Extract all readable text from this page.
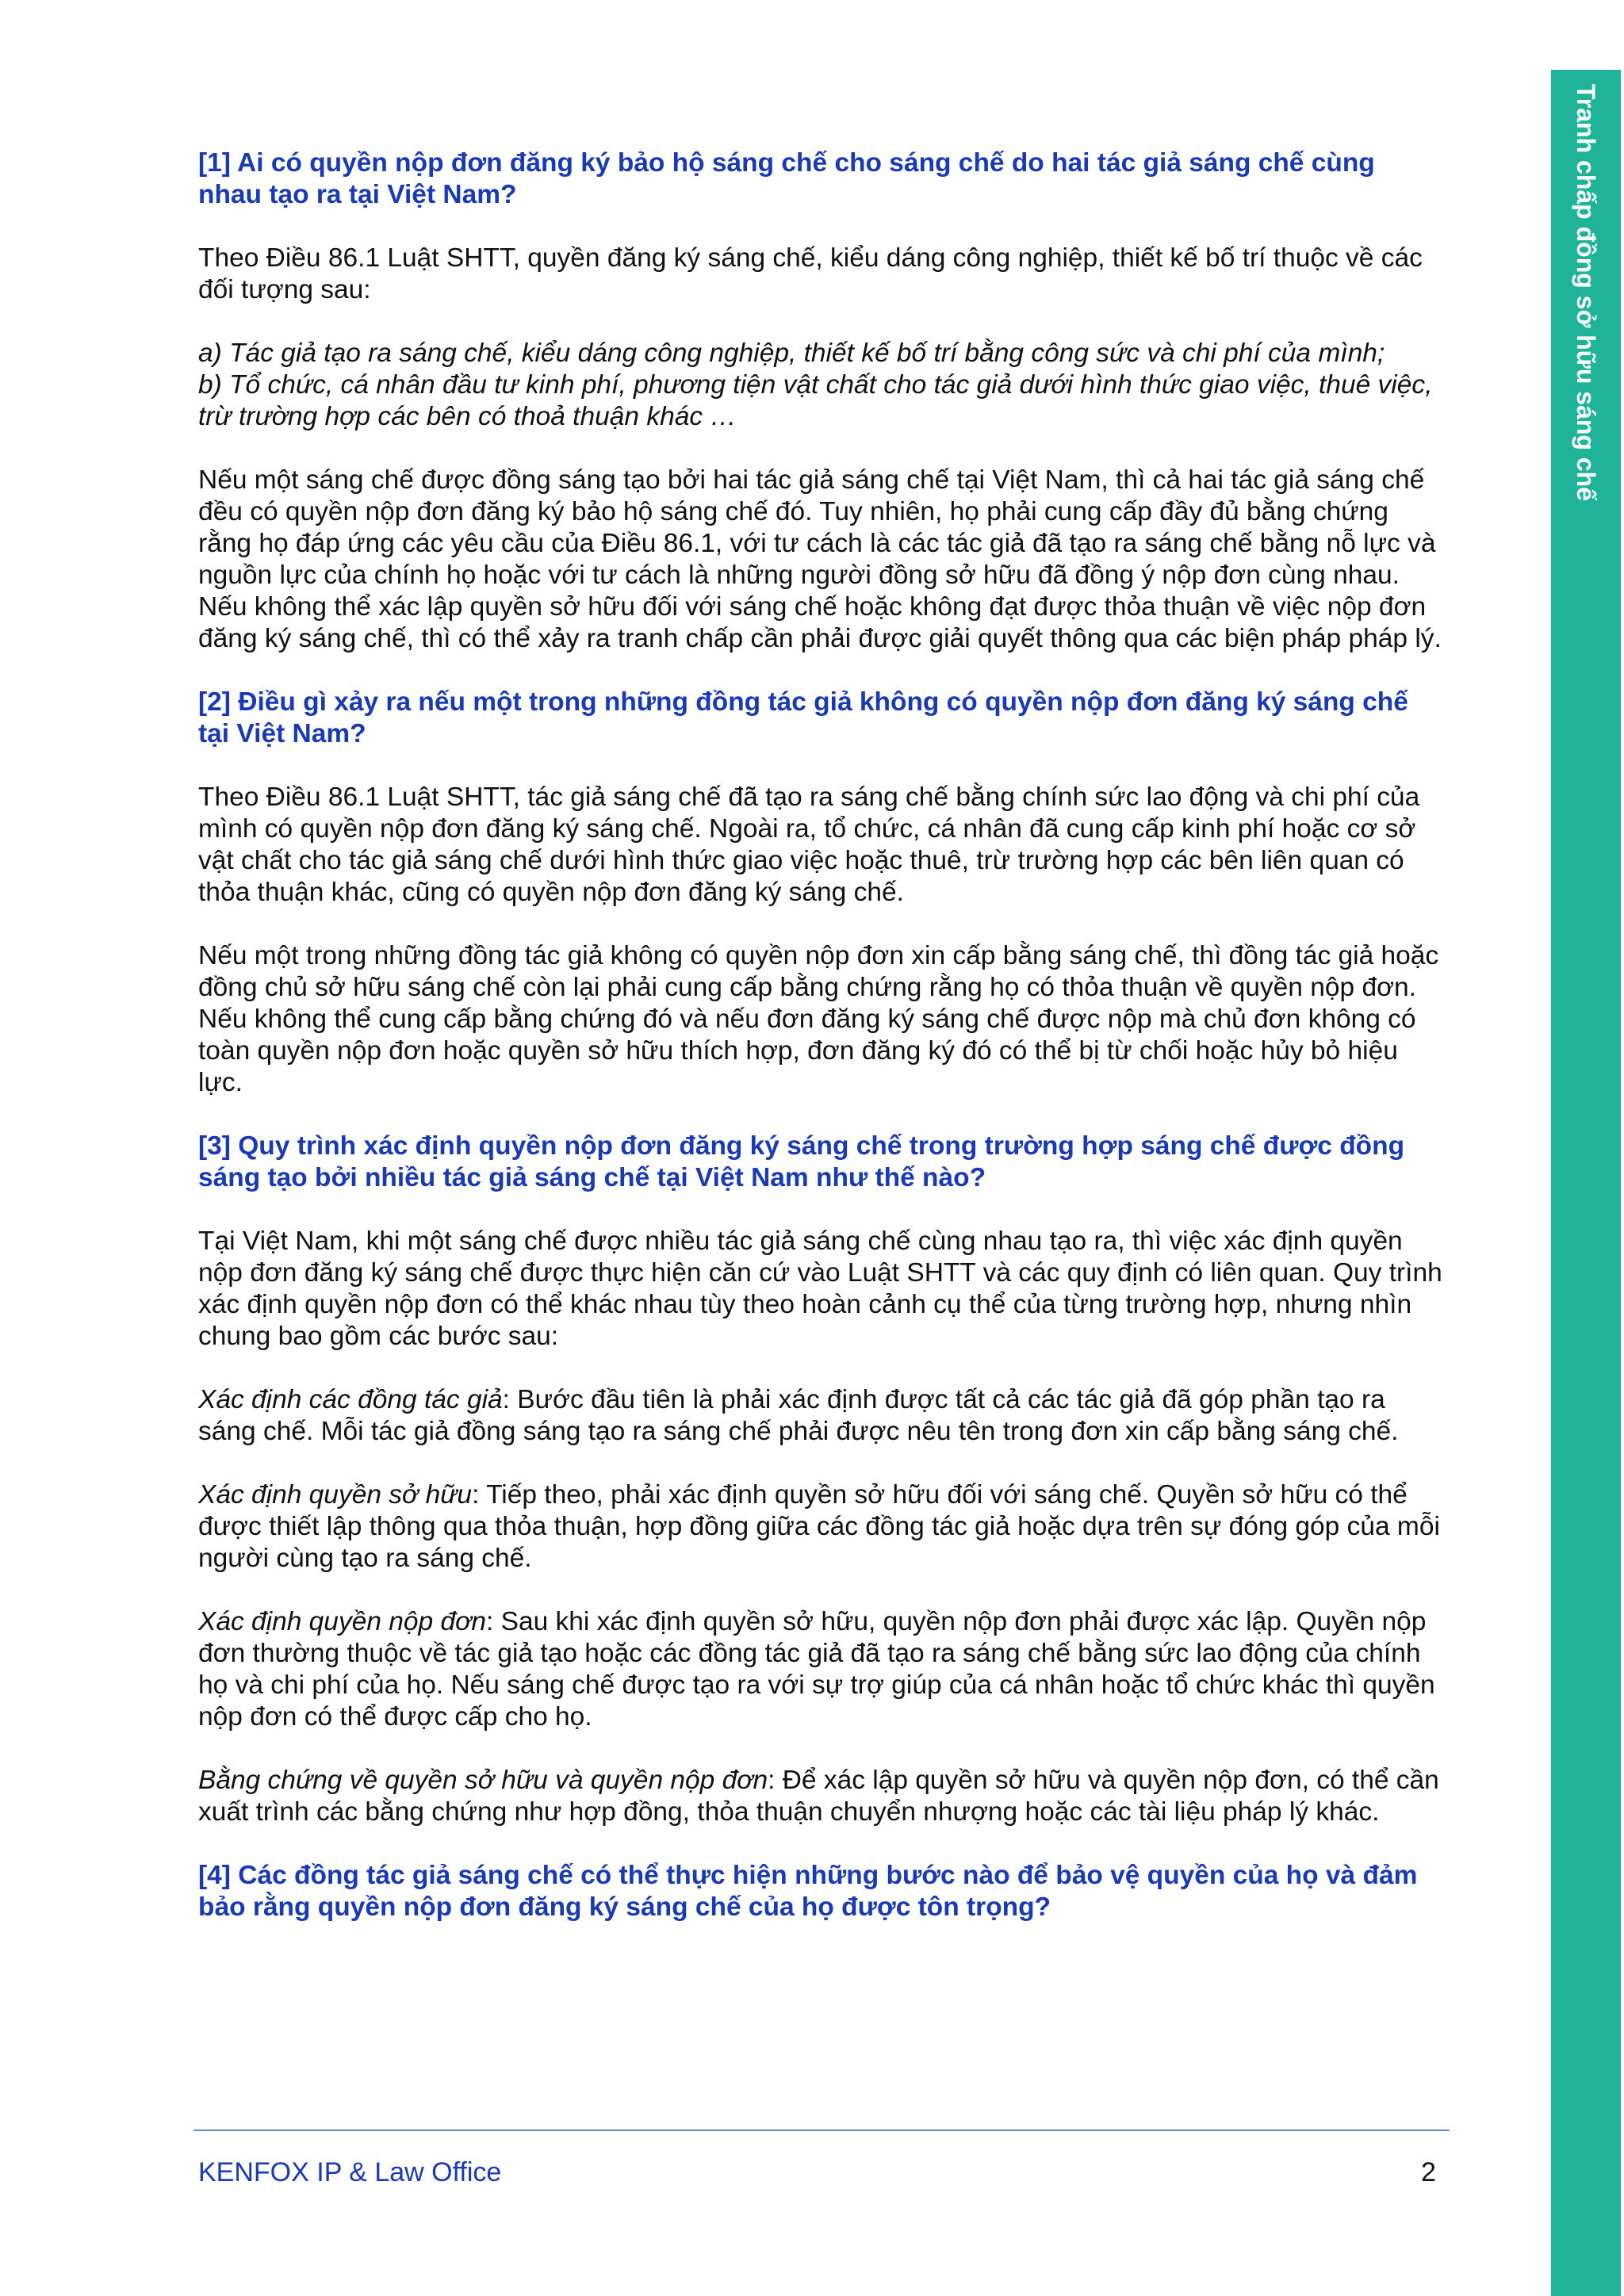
Tranh chấp đồng sở hữu sáng chế

[1] Ai có quyền nộp đơn đăng ký bảo hộ sáng chế cho sáng chế do hai tác giả sáng chế cùng nhau tạo ra tại Việt Nam?

Theo Điều 86.1 Luật SHTT, quyền đăng ký sáng chế, kiểu dáng công nghiệp, thiết kế bố trí thuộc về các đối tượng sau:

a) Tác giả tạo ra sáng chế, kiểu dáng công nghiệp, thiết kế bố trí bằng công sức và chi phí của mình;
b) Tổ chức, cá nhân đầu tư kinh phí, phương tiện vật chất cho tác giả dưới hình thức giao việc, thuê việc, trừ trường hợp các bên có thoả thuận khác …

Nếu một sáng chế được đồng sáng tạo bởi hai tác giả sáng chế tại Việt Nam, thì cả hai tác giả sáng chế đều có quyền nộp đơn đăng ký bảo hộ sáng chế đó. Tuy nhiên, họ phải cung cấp đầy đủ bằng chứng rằng họ đáp ứng các yêu cầu của Điều 86.1, với tư cách là các tác giả đã tạo ra sáng chế bằng nỗ lực và nguồn lực của chính họ hoặc với tư cách là những người đồng sở hữu đã đồng ý nộp đơn cùng nhau. Nếu không thể xác lập quyền sở hữu đối với sáng chế hoặc không đạt được thỏa thuận về việc nộp đơn đăng ký sáng chế, thì có thể xảy ra tranh chấp cần phải được giải quyết thông qua các biện pháp pháp lý.

[2] Điều gì xảy ra nếu một trong những đồng tác giả không có quyền nộp đơn đăng ký sáng chế tại Việt Nam?

Theo Điều 86.1 Luật SHTT, tác giả sáng chế đã tạo ra sáng chế bằng chính sức lao động và chi phí của mình có quyền nộp đơn đăng ký sáng chế. Ngoài ra, tổ chức, cá nhân đã cung cấp kinh phí hoặc cơ sở vật chất cho tác giả sáng chế dưới hình thức giao việc hoặc thuê, trừ trường hợp các bên liên quan có thỏa thuận khác, cũng có quyền nộp đơn đăng ký sáng chế.

Nếu một trong những đồng tác giả không có quyền nộp đơn xin cấp bằng sáng chế, thì đồng tác giả hoặc đồng chủ sở hữu sáng chế còn lại phải cung cấp bằng chứng rằng họ có thỏa thuận về quyền nộp đơn. Nếu không thể cung cấp bằng chứng đó và nếu đơn đăng ký sáng chế được nộp mà chủ đơn không có toàn quyền nộp đơn hoặc quyền sở hữu thích hợp, đơn đăng ký đó có thể bị từ chối hoặc hủy bỏ hiệu lực.

[3] Quy trình xác định quyền nộp đơn đăng ký sáng chế trong trường hợp sáng chế được đồng sáng tạo bởi nhiều tác giả sáng chế tại Việt Nam như thế nào?

Tại Việt Nam, khi một sáng chế được nhiều tác giả sáng chế cùng nhau tạo ra, thì việc xác định quyền nộp đơn đăng ký sáng chế được thực hiện căn cứ vào Luật SHTT và các quy định có liên quan. Quy trình xác định quyền nộp đơn có thể khác nhau tùy theo hoàn cảnh cụ thể của từng trường hợp, nhưng nhìn chung bao gồm các bước sau:

Xác định các đồng tác giả: Bước đầu tiên là phải xác định được tất cả các tác giả đã góp phần tạo ra sáng chế. Mỗi tác giả đồng sáng tạo ra sáng chế phải được nêu tên trong đơn xin cấp bằng sáng chế.

Xác định quyền sở hữu: Tiếp theo, phải xác định quyền sở hữu đối với sáng chế. Quyền sở hữu có thể được thiết lập thông qua thỏa thuận, hợp đồng giữa các đồng tác giả hoặc dựa trên sự đóng góp của mỗi người cùng tạo ra sáng chế.

Xác định quyền nộp đơn: Sau khi xác định quyền sở hữu, quyền nộp đơn phải được xác lập. Quyền nộp đơn thường thuộc về tác giả tạo hoặc các đồng tác giả đã tạo ra sáng chế bằng sức lao động của chính họ và chi phí của họ. Nếu sáng chế được tạo ra với sự trợ giúp của cá nhân hoặc tổ chức khác thì quyền nộp đơn có thể được cấp cho họ.

Bằng chứng về quyền sở hữu và quyền nộp đơn: Để xác lập quyền sở hữu và quyền nộp đơn, có thể cần xuất trình các bằng chứng như hợp đồng, thỏa thuận chuyển nhượng hoặc các tài liệu pháp lý khác.

[4] Các đồng tác giả sáng chế có thể thực hiện những bước nào để bảo vệ quyền của họ và đảm bảo rằng quyền nộp đơn đăng ký sáng chế của họ được tôn trọng?

KENFOX IP & Law Office	2
